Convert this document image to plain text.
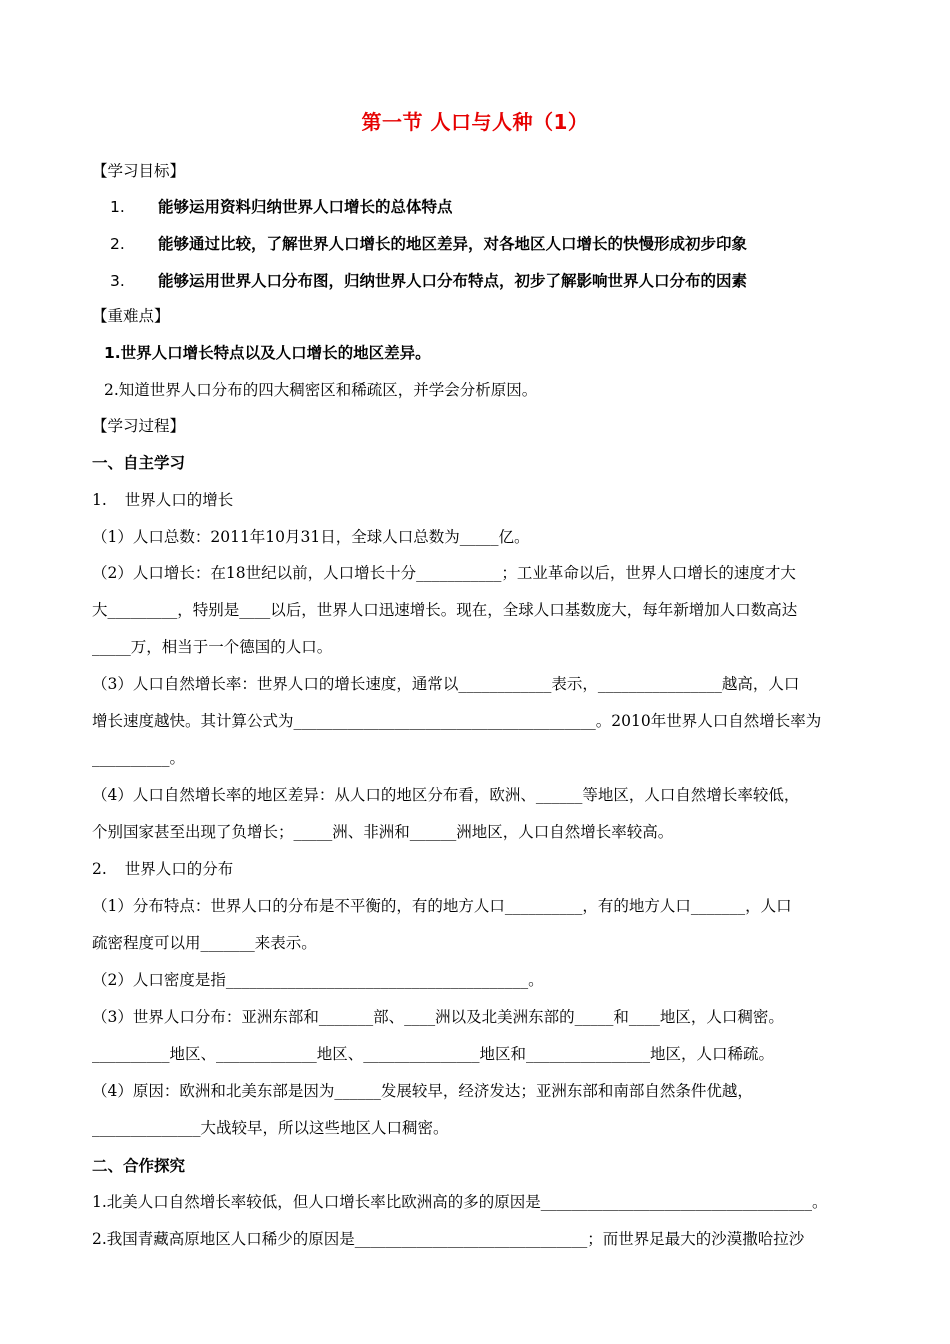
第一节 人口与人种（1）
【学习目标】
1. 能够运用资料归纳世界人口增长的总体特点
2. 能够通过比较，了解世界人口增长的地区差异，对各地区人口增长的快慢形成初步印象
3. 能够运用世界人口分布图，归纳世界人口分布特点，初步了解影响世界人口分布的因素
【重难点】
1.世界人口增长特点以及人口增长的地区差异。
2.知道世界人口分布的四大稠密区和稀疏区，并学会分析原因。
【学习过程】
一、自主学习
1. 世界人口的增长
（1）人口总数：2011年10月31日，全球人口总数为_____亿。
（2）人口增长：在18世纪以前，人口增长十分___________；工业革命以后，世界人口增长的速度才大
大_________，特别是____以后，世界人口迅速增长。现在，全球人口基数庞大，每年新增加人口数高达
_____万，相当于一个德国的人口。
（3）人口自然增长率：世界人口的增长速度，通常以____________表示，________________越高，人口
增长速度越快。其计算公式为_______________________________________。2010年世界人口自然增长率为
__________。
（4）人口自然增长率的地区差异：从人口的地区分布看，欧洲、______等地区，人口自然增长率较低，
个别国家甚至出现了负增长；_____洲、非洲和______洲地区，人口自然增长率较高。
2. 世界人口的分布
（1）分布特点：世界人口的分布是不平衡的，有的地方人口__________，有的地方人口_______，人口
疏密程度可以用_______来表示。
（2）人口密度是指_______________________________________。
（3）世界人口分布：亚洲东部和_______部、____洲以及北美洲东部的_____和____地区，人口稠密。
__________地区、_____________地区、_______________地区和________________地区，人口稀疏。
（4）原因：欧洲和北美东部是因为______发展较早，经济发达；亚洲东部和南部自然条件优越，
______________大战较早，所以这些地区人口稠密。
二、合作探究
1.北美人口自然增长率较低，但人口增长率比欧洲高的多的原因是___________________________________。
2.我国青藏高原地区人口稀少的原因是______________________________；而世界足最大的沙漠撒哈拉沙
